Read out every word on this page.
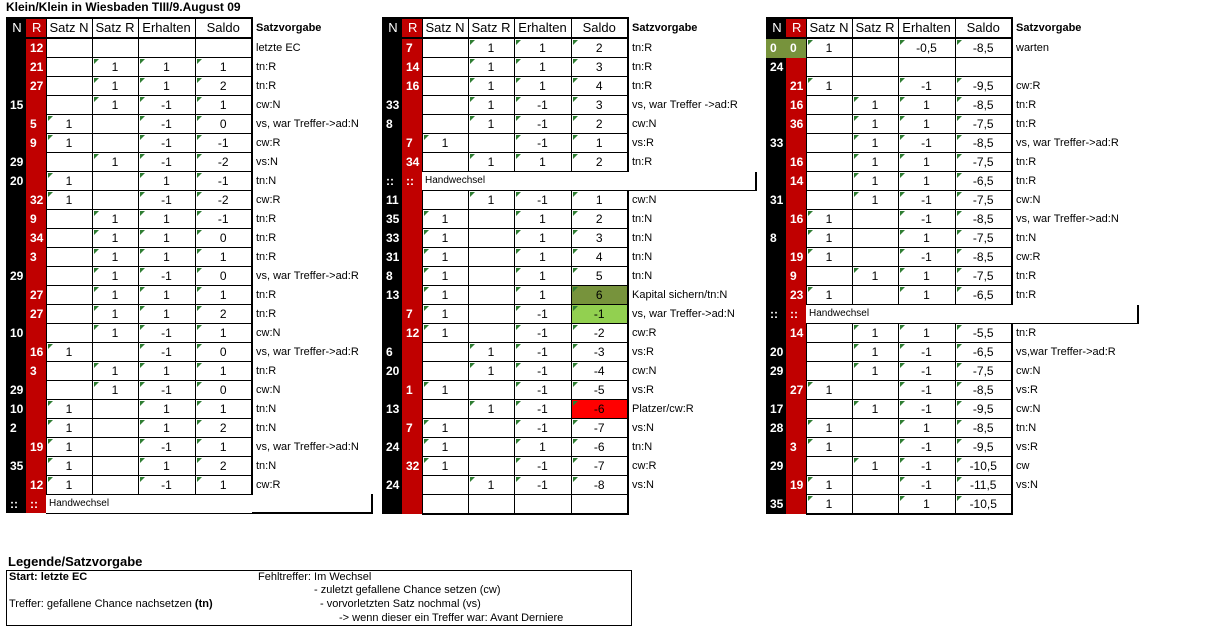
Klein/Klein in Wiesbaden TIII/9.August 09
N	R	Satz N	Satz R	Erhalten	Saldo	Satzvorgabe	
	12					letzte EC	
	21		1	1	1	tn:R	
	27		1	1	2	tn:R	
15			1	-1	1	cw:N	
	5	1		-1	0	vs, war Treffer->ad:N	
	9	1		-1	-1	cw:R	
29			1	-1	-2	vs:N	
20		1		1	-1	tn:N	
	32	1		-1	-2	cw:R	
	9		1	1	-1	tn:R	
	34		1	1	0	tn:R	
	3		1	1	1	tn:R	
29			1	-1	0	vs, war Treffer->ad:R	
	27		1	1	1	tn:R	
	27		1	1	2	tn:R	
10			1	-1	1	cw:N	
	16	1		-1	0	vs, war Treffer->ad:R	
	3		1	1	1	tn:R	
29			1	-1	0	cw:N	
10		1		1	1	tn:N	
2		1		1	2	tn:N	
	19	1		-1	1	vs, war Treffer->ad:N	
35		1		1	2	tn:N	
	12	1		-1	1	cw:R	
::	::	Handwechsel					
N	R	Satz N	Satz R	Erhalten	Saldo	Satzvorgabe	
	7		1	1	2	tn:R	
	14		1	1	3	tn:R	
	16		1	1	4	tn:R	
33			1	-1	3	vs, war Treffer ->ad:R	
8			1	-1	2	cw:N	
	7	1		-1	1	vs:R	
	34		1	1	2	tn:R	
::	::	Handwechsel					
11			1	-1	1	cw:N	
35		1		1	2	tn:N	
33		1		1	3	tn:N	
31		1		1	4	tn:N	
8		1		1	5	tn:N	
13		1		1	6	Kapital sichern/tn:N	
	7	1		-1	-1	vs, war Treffer->ad:N	
	12	1		-1	-2	cw:R	
6			1	-1	-3	vs:R	
20			1	-1	-4	cw:N	
	1	1		-1	-5	vs:R	
13			1	-1	-6	Platzer/cw:R	
	7	1		-1	-7	vs:N	
24		1		1	-6	tn:N	
	32	1		-1	-7	cw:R	
24			1	-1	-8	vs:N	

N	R	Satz N	Satz R	Erhalten	Saldo	Satzvorgabe	
0	0	1		-0,5	-8,5	warten	
24							
	21	1		-1	-9,5	cw:R	
	16		1	1	-8,5	tn:R	
	36		1	1	-7,5	tn:R	
33			1	-1	-8,5	vs, war Treffer->ad:R	
	16		1	1	-7,5	tn:R	
	14		1	1	-6,5	tn:R	
31			1	-1	-7,5	cw:N	
	16	1		-1	-8,5	vs, war Treffer->ad:N	
8		1		1	-7,5	tn:N	
	19	1		-1	-8,5	cw:R	
	9		1	1	-7,5	tn:R	
	23	1		1	-6,5	tn:R	
::	::	Handwechsel					
	14		1	1	-5,5	tn:R	
20			1	-1	-6,5	vs,war Treffer->ad:R	
29			1	-1	-7,5	cw:N	
	27	1		-1	-8,5	vs:R	
17			1	-1	-9,5	cw:N	
28		1		1	-8,5	tn:N	
	3	1		-1	-9,5	vs:R	
29			1	-1	-10,5	cw	
	19	1		-1	-11,5	vs:N	
35		1		1	-10,5		
Legende/Satzvorgabe
Start: letzte EC
Treffer: gefallene Chance nachsetzen (tn)
Fehltreffer: Im Wechsel
- zuletzt gefallene Chance setzen (cw)
- vorvorletzten Satz nochmal (vs)
-> wenn dieser ein Treffer war: Avant Derniere
